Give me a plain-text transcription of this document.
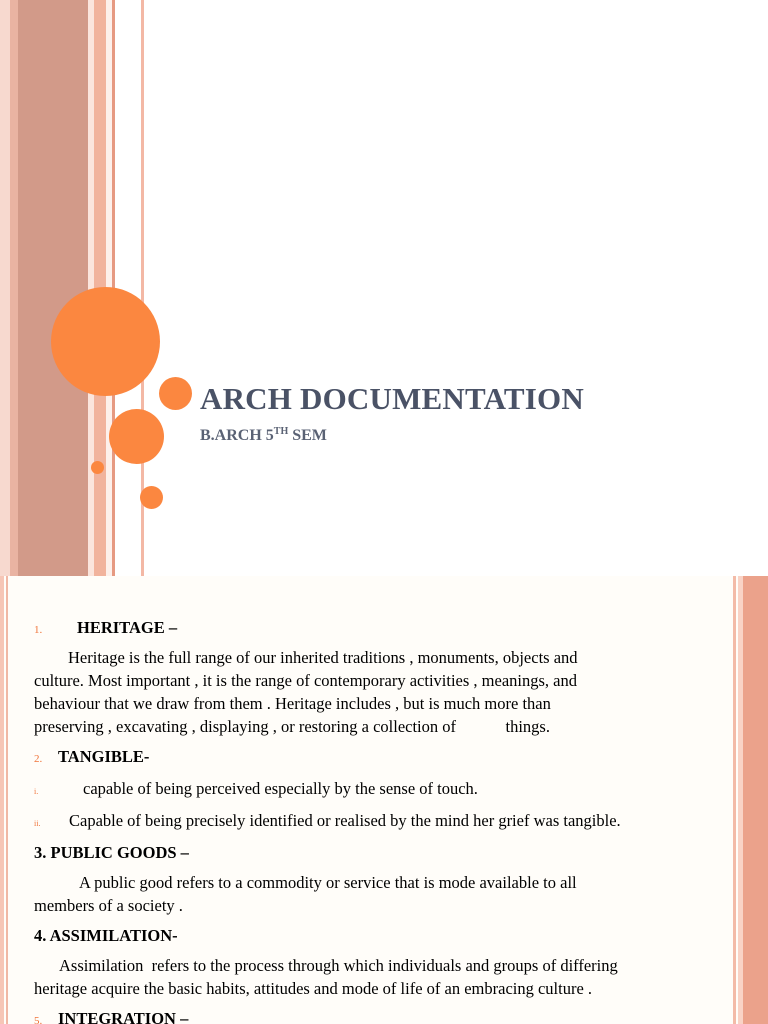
ARCH DOCUMENTATION
B.ARCH 5TH SEM
1. HERITAGE –
Heritage is the full range of our inherited traditions , monuments, objects and
culture. Most important , it is the range of contemporary activities , meanings, and
behaviour that we draw from them . Heritage includes , but is much more than
preserving , excavating , displaying , or restoring a collection of            things.
2. TANGIBLE-
i.	capable of being perceived especially by the sense of touch.
ii. Capable of being precisely identified or realised by the mind her grief was tangible.
3. PUBLIC GOODS –
A public good refers to a commodity or service that is mode available to all
members of a society .
4. ASSIMILATION-
Assimilation  refers to the process through which individuals and groups of differing
heritage acquire the basic habits, attitudes and mode of life of an embracing culture .
5. INTEGRATION –
